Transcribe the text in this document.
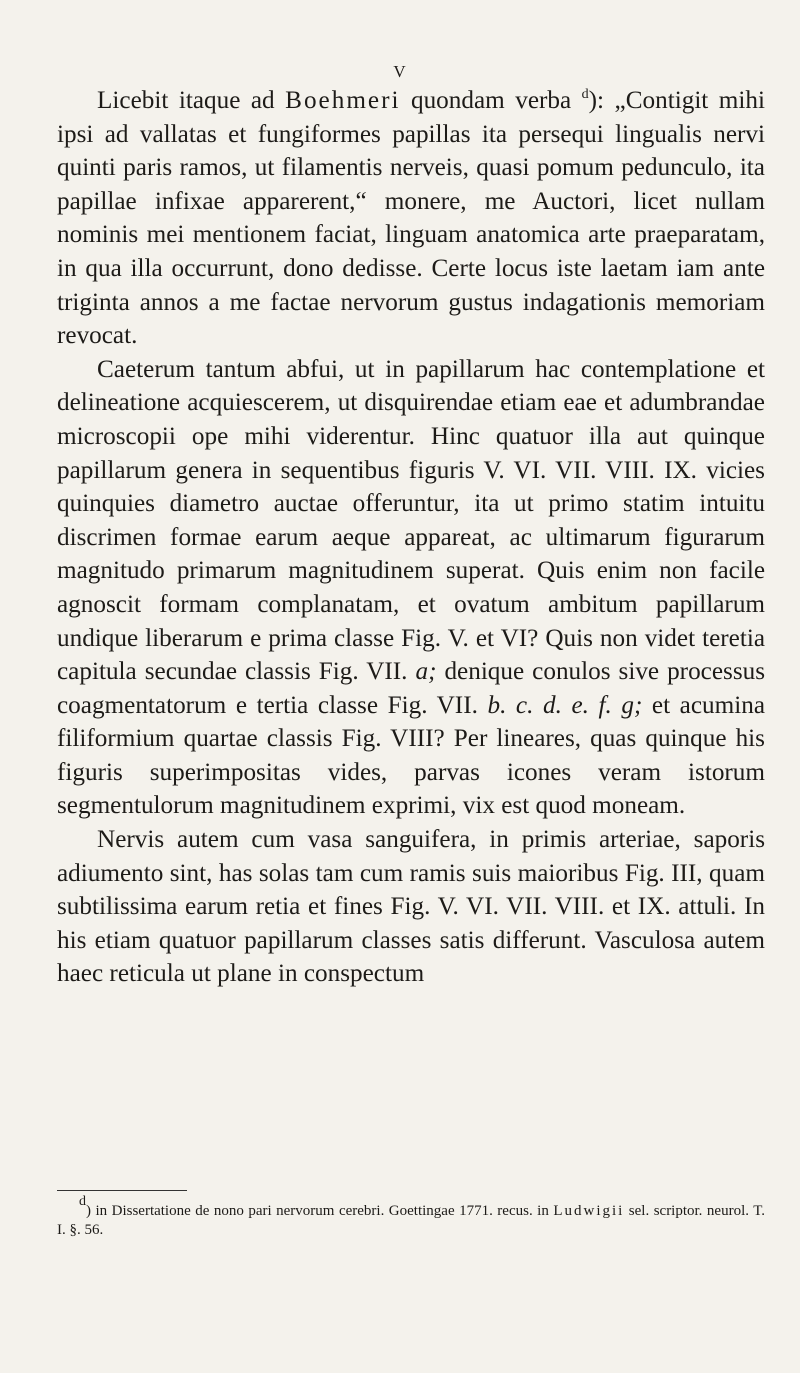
V

Licebit itaque ad Boehmeri quondam verba $^d$): „Contigit mihi ipsi ad vallatas et fungiformes papillas ita persequi lingualis nervi quinti paris ramos, ut filamentis nerveis, quasi pomum pedunculo, ita papillae infixae apparerent,“ monere, me Auctori, licet nullam nominis mei mentionem faciat, linguam anatomica arte praeparatam, in qua illa occurrunt, dono dedisse. Certe locus iste laetam iam ante triginta annos a me factae nervorum gustus indagationis memoriam revocat.

Caeterum tantum abfui, ut in papillarum hac contemplatione et delineatione acquiescerem, ut disquirendae etiam eae et adumbrandae microscopii ope mihi viderentur. Hinc quatuor illa aut quinque papillarum genera in sequentibus figuris V. VI. VII. VIII. IX. vicies quinquies diametro auctae offeruntur, ita ut primo statim intuitu discrimen formae earum aeque appareat, ac ultimarum figurarum magnitudo primarum magnitudinem superat. Quis enim non facile agnoscit formam complanatam, et ovatum ambitum papillarum undique liberarum e prima classe Fig. V. et VI? Quis non videt teretia capitula secundae classis Fig. VII. a; denique conulos sive processus coagmentatorum e tertia classe Fig. VII. b. c. d. e. f. g; et acumina filiformium quartae classis Fig. VIII? Per lineares, quas quinque his figuris superimpositas vides, parvas icones veram istorum segmentulorum magnitudinem exprimi, vix est quod moneam.

Nervis autem cum vasa sanguifera, in primis arteriae, saporis adiumento sint, has solas tam cum ramis suis maioribus Fig. III, quam subtilissima earum retia et fines Fig. V. VI. VII. VIII. et IX. attuli. In his etiam quatuor papillarum classes satis differunt. Vasculosa autem haec reticula ut plane in conspectum

$^d$) in Dissertatione de nono pari nervorum cerebri. Goettingae 1771. recus. in Ludwigii sel. scriptor. neurol. T. I. §. 56.
